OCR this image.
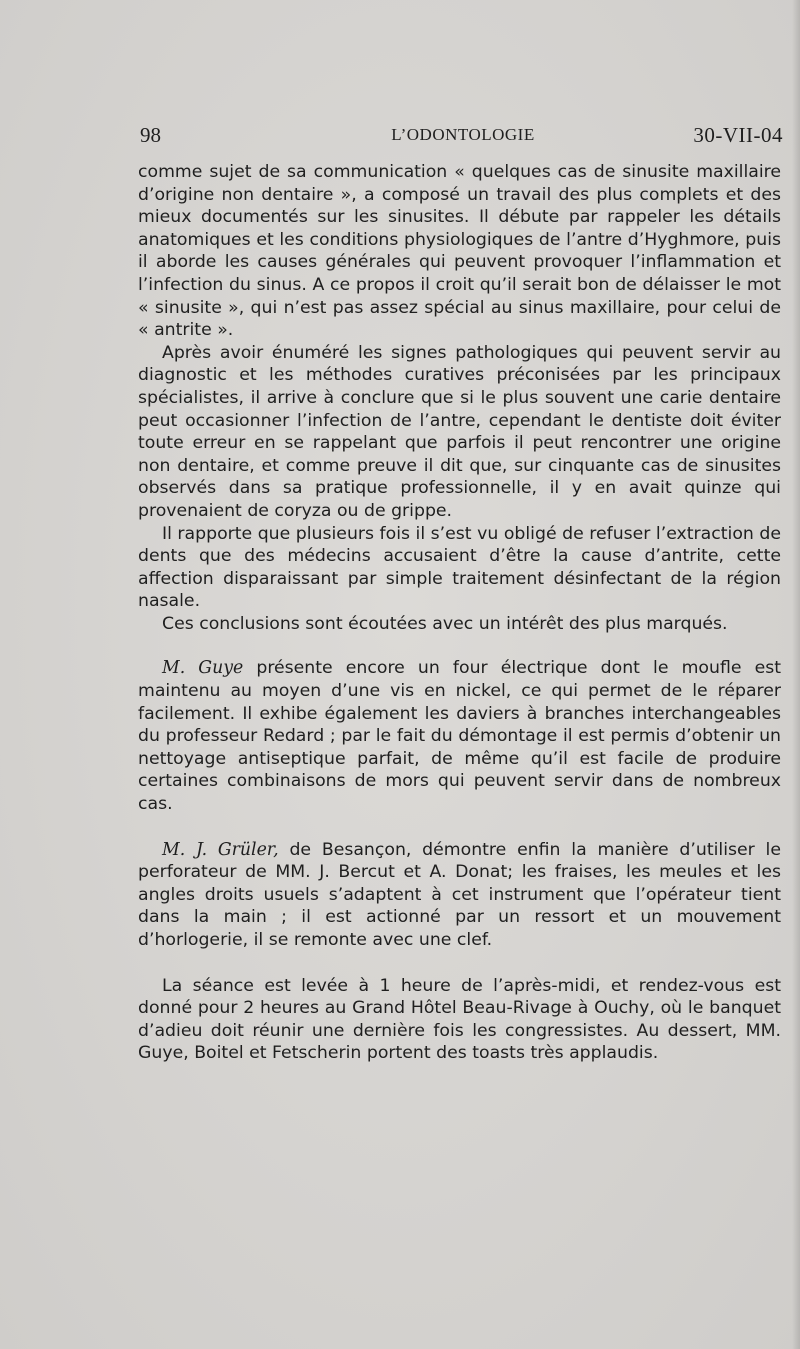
98	L’ODONTOLOGIE	30-VII-04

comme sujet de sa communication « quelques cas de sinusite maxillaire d’origine non dentaire », a composé un travail des plus complets et des mieux documentés sur les sinusites. Il débute par rappeler les détails anatomiques et les conditions physiologiques de l’antre d’Hyghmore, puis il aborde les causes générales qui peuvent provoquer l’inflammation et l’infection du sinus. A ce propos il croit qu’il serait bon de délaisser le mot « sinusite », qui n’est pas assez spécial au sinus maxillaire, pour celui de « antrite ».

Après avoir énuméré les signes pathologiques qui peuvent servir au diagnostic et les méthodes curatives préconisées par les principaux spécialistes, il arrive à conclure que si le plus souvent une carie dentaire peut occasionner l’infection de l’antre, cependant le dentiste doit éviter toute erreur en se rappelant que parfois il peut rencontrer une origine non dentaire, et comme preuve il dit que, sur cinquante cas de sinusites observés dans sa pratique professionnelle, il y en avait quinze qui provenaient de coryza ou de grippe.

Il rapporte que plusieurs fois il s’est vu obligé de refuser l’extraction de dents que des médecins accusaient d’être la cause d’antrite, cette affection disparaissant par simple traitement désinfectant de la région nasale.

Ces conclusions sont écoutées avec un intérêt des plus marqués.

M. Guye présente encore un four électrique dont le moufle est maintenu au moyen d’une vis en nickel, ce qui permet de le réparer facilement. Il exhibe également les daviers à branches interchangeables du professeur Redard ; par le fait du démontage il est permis d’obtenir un nettoyage antiseptique parfait, de même qu’il est facile de produire certaines combinaisons de mors qui peuvent servir dans de nombreux cas.

M. J. Grüler, de Besançon, démontre enfin la manière d’utiliser le perforateur de MM. J. Bercut et A. Donat; les fraises, les meules et les angles droits usuels s’adaptent à cet instrument que l’opérateur tient dans la main ; il est actionné par un ressort et un mouvement d’horlogerie, il se remonte avec une clef.

La séance est levée à 1 heure de l’après-midi, et rendez-vous est donné pour 2 heures au Grand Hôtel Beau-Rivage à Ouchy, où le banquet d’adieu doit réunir une dernière fois les congressistes. Au dessert, MM. Guye, Boitel et Fetscherin portent des toasts très applaudis.
